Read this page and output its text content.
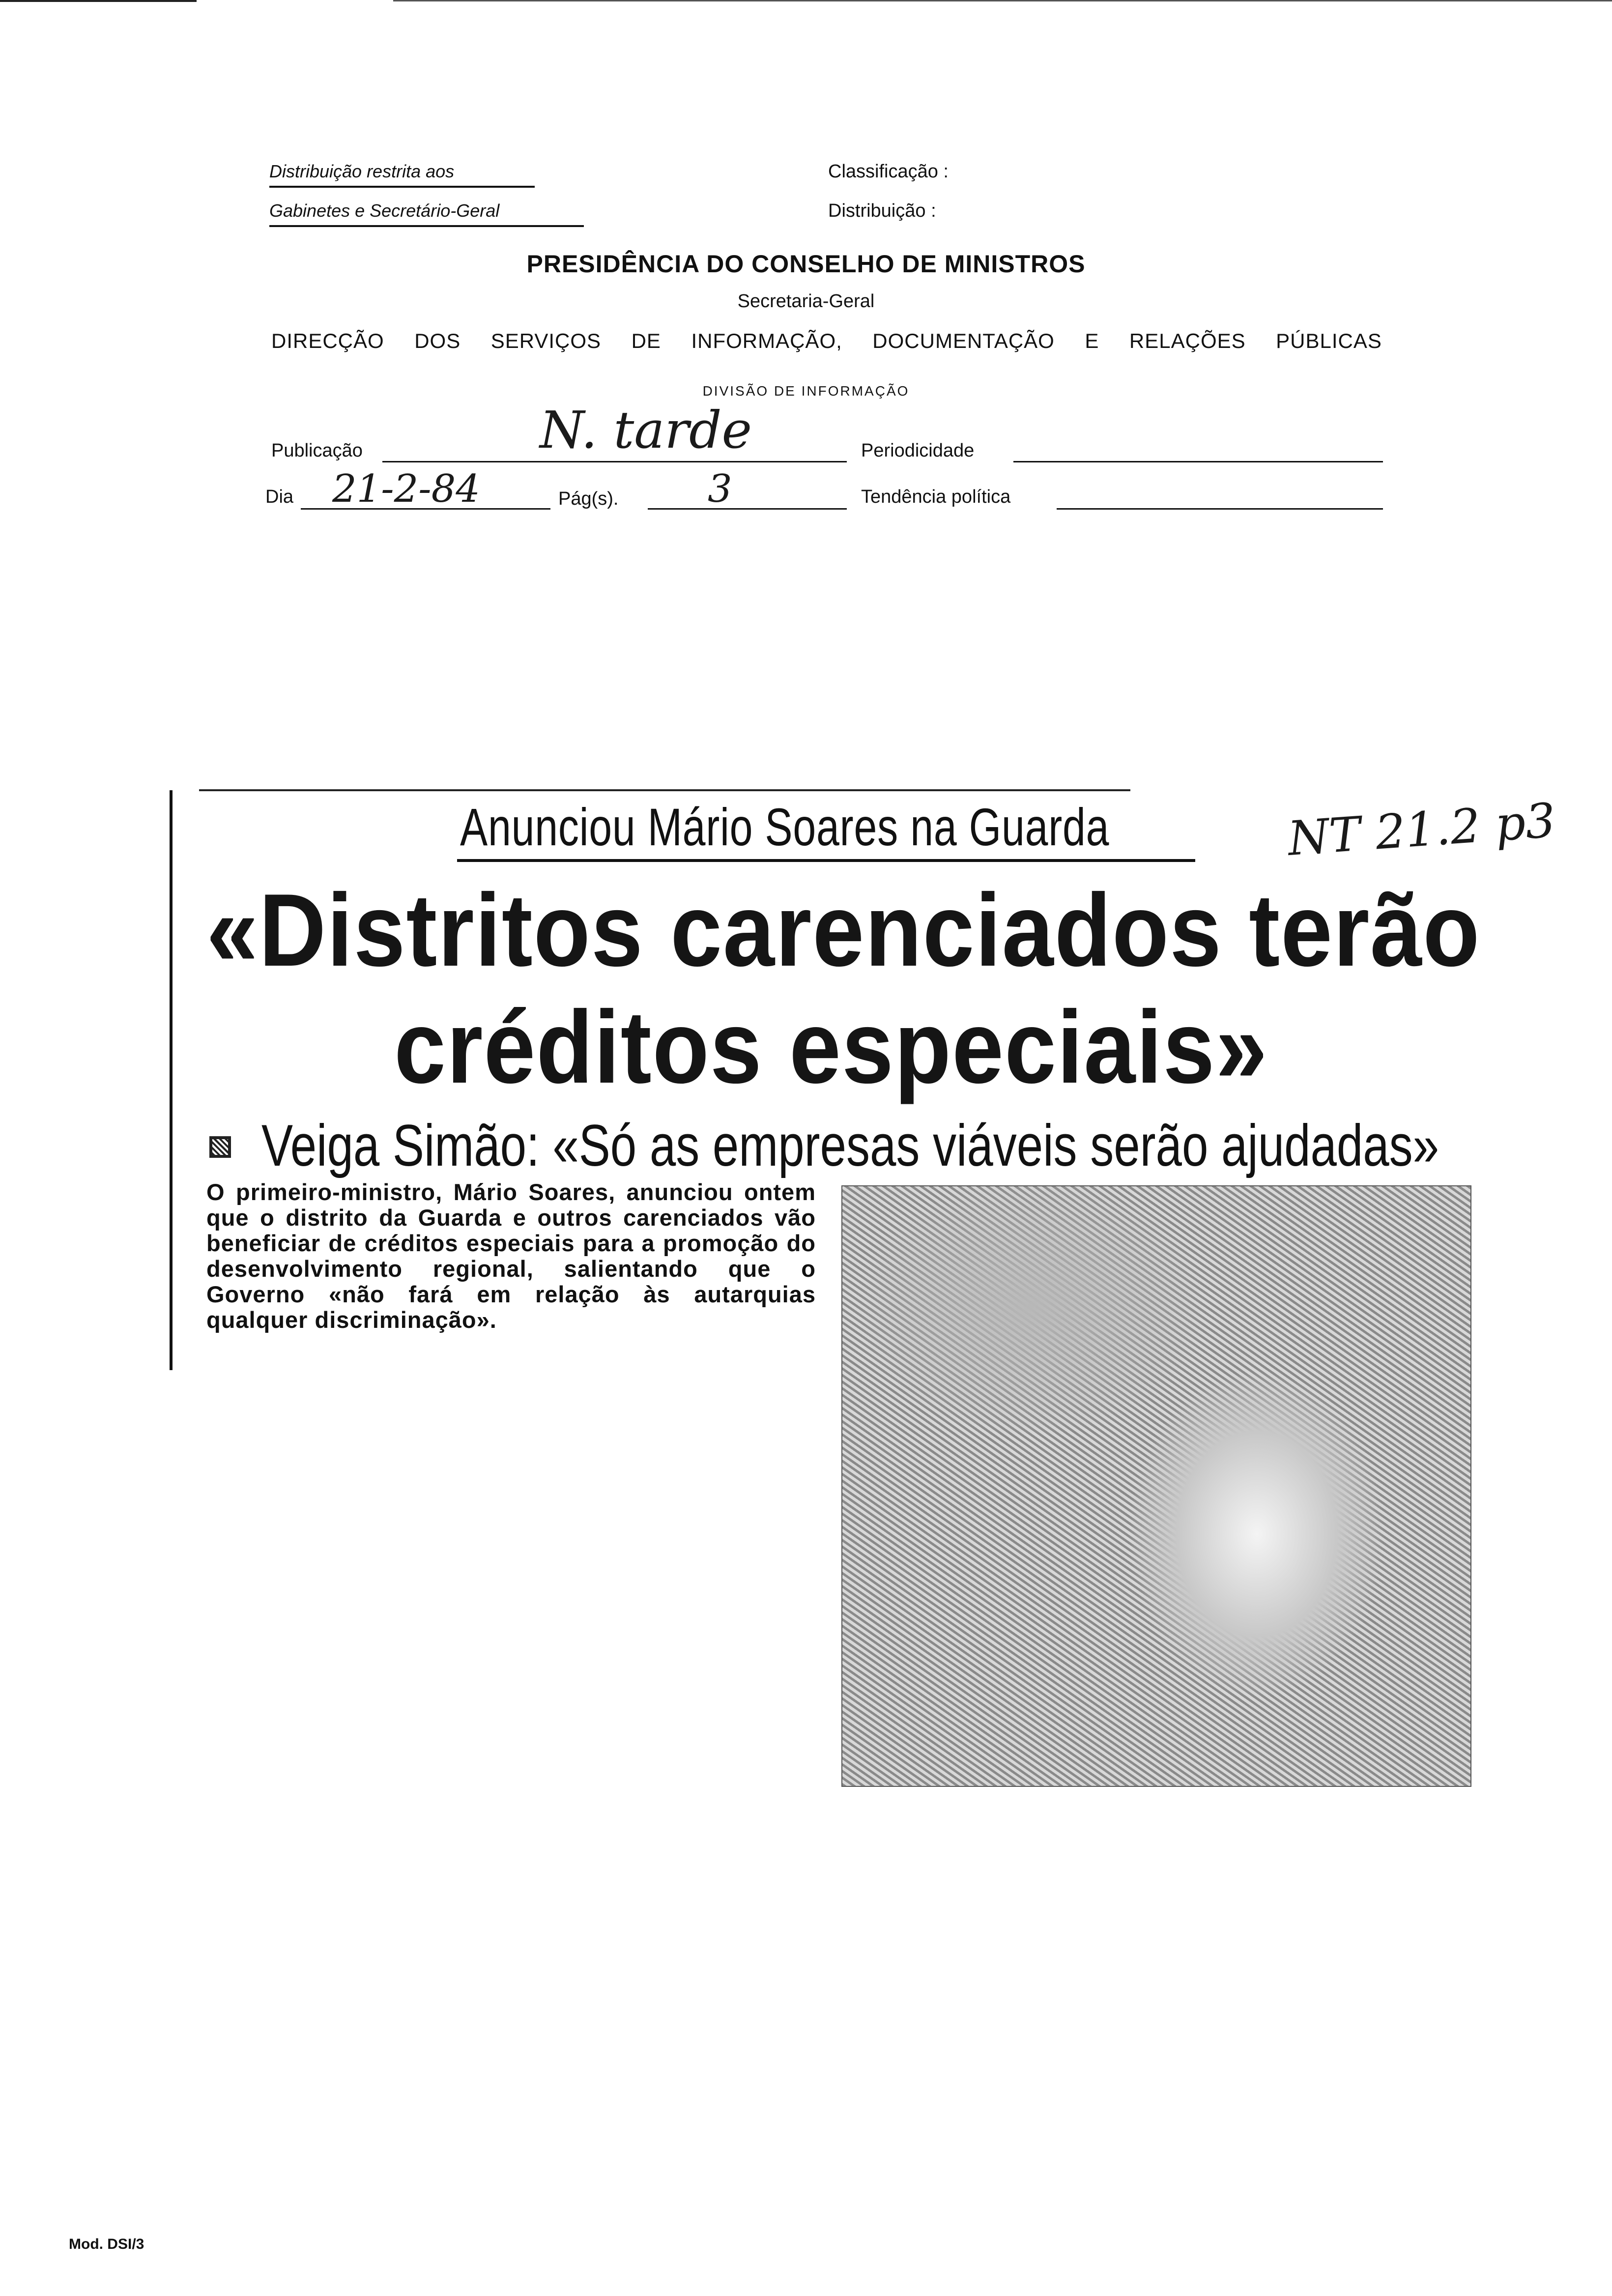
Distribuição restrita aos
Gabinetes e Secretário-Geral
Classificação :
Distribuição :
PRESIDÊNCIA DO CONSELHO DE MINISTROS
Secretaria-Geral
DIRECÇÃO DOS SERVIÇOS DE INFORMAÇÃO, DOCUMENTAÇÃO E RELAÇÕES PÚBLICAS
DIVISÃO DE INFORMAÇÃO
Publicação	N. tarde	Periodicidade
Dia 21-2-84	Pág(s). 3	Tendência política
Anunciou Mário Soares na Guarda	NT 21.2 p3
«Distritos carenciados terão
créditos especiais»
Veiga Simão: «Só as empresas viáveis serão ajudadas»
O primeiro-ministro, Mário Soares, anunciou ontem que o distrito da Guarda e outros carenciados vão beneficiar de créditos especiais para a promoção do desenvolvimento regional, salientando que o Governo «não fará em relação às autarquias qualquer discriminação».
Mod. DSI/3
